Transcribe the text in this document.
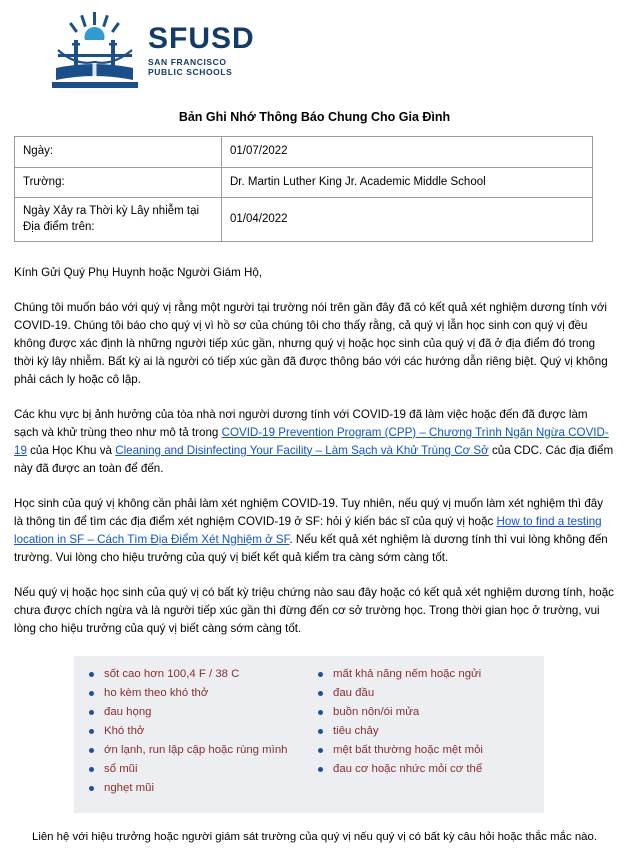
SFUSD
SAN FRANCISCO
PUBLIC SCHOOLS
Bản Ghi Nhớ Thông Báo Chung Cho Gia Đình
Ngày:	01/07/2022
Trường:	Dr. Martin Luther King Jr. Academic Middle School
Ngày Xảy ra Thời kỳ Lây nhiễm tại Địa điểm trên:	01/04/2022

Kính Gửi Quý Phụ Huynh hoặc Người Giám Hộ,

Chúng tôi muốn báo với quý vị rằng một người tại trường nói trên gần đây đã có kết quả xét nghiệm dương tính với COVID-19. Chúng tôi báo cho quý vị vì hồ sơ của chúng tôi cho thấy rằng, cả quý vị lẫn học sinh con quý vị đều không được xác định là những người tiếp xúc gần, nhưng quý vị hoặc học sinh của quý vị đã ở địa điểm đó trong thời kỳ lây nhiễm. Bất kỳ ai là người có tiếp xúc gần đã được thông báo với các hướng dẫn riêng biệt. Quý vị không phải cách ly hoặc cô lập.

Các khu vực bị ảnh hưởng của tòa nhà nơi người dương tính với COVID-19 đã làm việc hoặc đến đã được làm sạch và khử trùng theo như mô tả trong COVID-19 Prevention Program (CPP) – Chương Trình Ngăn Ngừa COVID-19 của Học Khu và Cleaning and Disinfecting Your Facility – Làm Sạch và Khử Trùng Cơ Sở của CDC. Các địa điểm này đã được an toàn để đến.

Học sinh của quý vị không cần phải làm xét nghiệm COVID-19. Tuy nhiên, nếu quý vị muốn làm xét nghiệm thì đây là thông tin để tìm các địa điểm xét nghiệm COVID-19 ở SF: hỏi ý kiến bác sĩ của quý vị hoặc How to find a testing location in SF – Cách Tìm Địa Điểm Xét Nghiệm ở SF. Nếu kết quả xét nghiệm là dương tính thì vui lòng không đến trường. Vui lòng cho hiệu trưởng của quý vị biết kết quả kiểm tra càng sớm càng tốt.

Nếu quý vị hoặc học sinh của quý vị có bất kỳ triệu chứng nào sau đây hoặc có kết quả xét nghiệm dương tính, hoặc chưa được chích ngừa và là người tiếp xúc gần thì đừng đến cơ sở trường học. Trong thời gian học ở trường, vui lòng cho hiệu trưởng của quý vị biết càng sớm càng tốt.

sốt cao hơn 100,4 F / 38 C
ho kèm theo khó thở
đau họng
Khó thở
ớn lạnh, run lập cập hoặc rùng mình
sổ mũi
nghẹt mũi
mất khả năng nếm hoặc ngửi
đau đầu
buồn nôn/ói mửa
tiêu chảy
mệt bất thường hoặc mệt mỏi
đau cơ hoặc nhức mỏi cơ thể
Liên hệ với hiệu trưởng hoặc người giám sát trường của quý vị nếu quý vị có bất kỳ câu hỏi hoặc thắc mắc nào.
